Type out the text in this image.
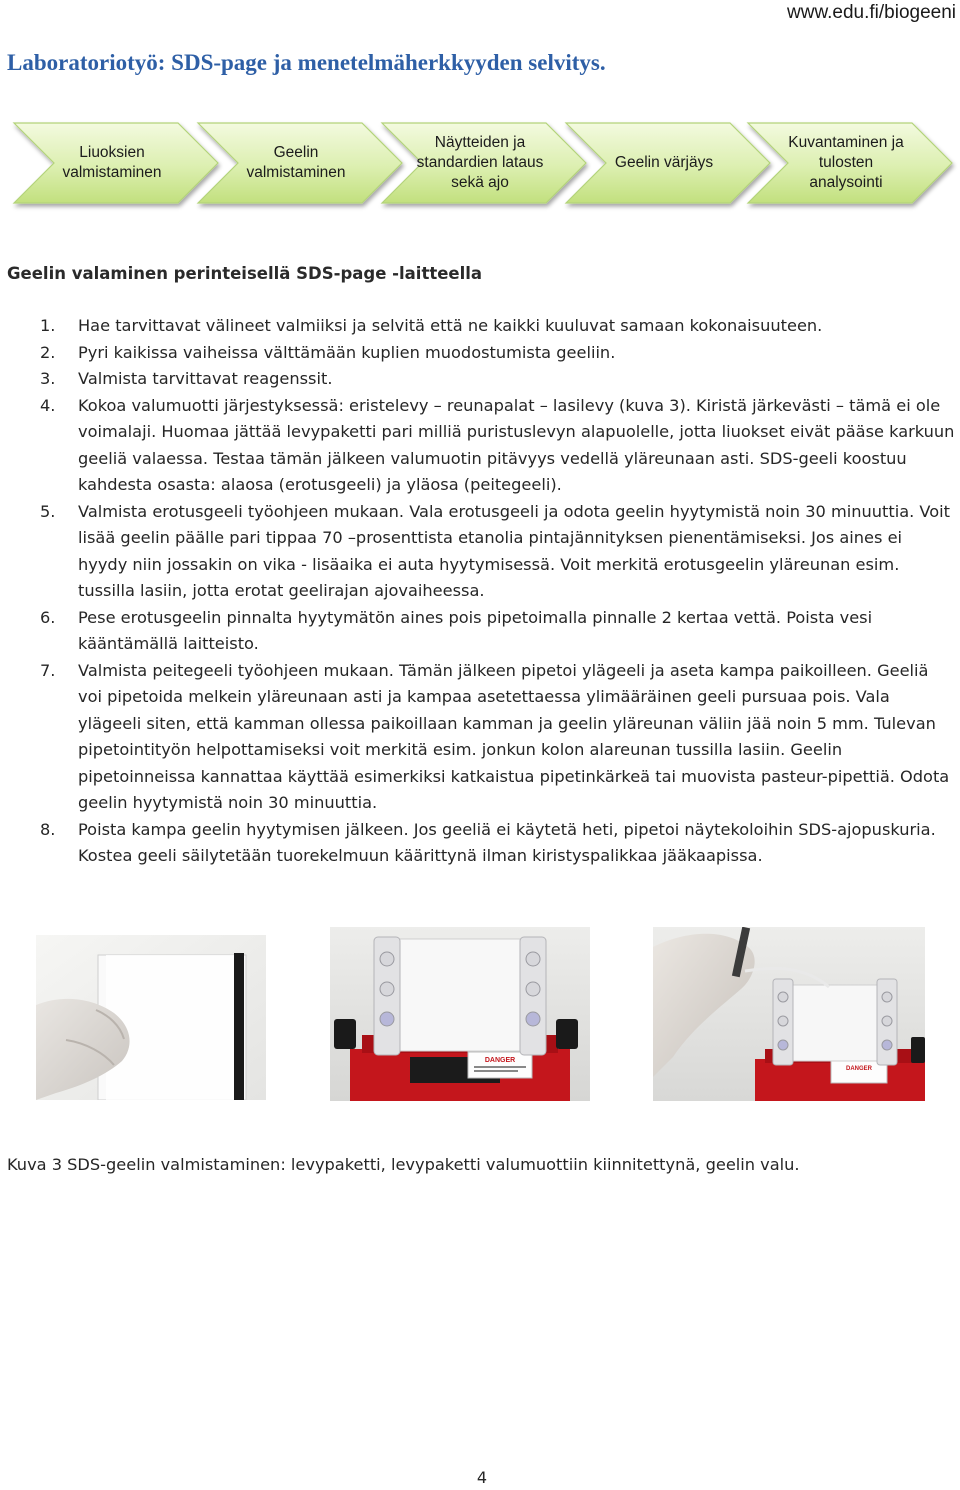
www.edu.fi/biogeeni
Laboratoriotyö: SDS-page ja menetelmäherkkyyden selvitys.
Liuoksien valmistaminen
Geelin valmistaminen
Näytteiden ja standardien lataus sekä ajo
Geelin värjäys
Kuvantaminen ja tulosten analysointi
Geelin valaminen perinteisellä SDS-page -laitteella
1. Hae tarvittavat välineet valmiiksi ja selvitä että ne kaikki kuuluvat samaan kokonaisuuteen.
2. Pyri kaikissa vaiheissa välttämään kuplien muodostumista geeliin.
3. Valmista tarvittavat reagenssit.
4. Kokoa valumuotti järjestyksessä: eristelevy – reunapalat – lasilevy (kuva 3). Kiristä järkevästi – tämä ei ole voimalaji. Huomaa jättää levypaketti pari milliä puristuslevyn alapuolelle, jotta liuokset eivät pääse karkuun geeliä valaessa. Testaa tämän jälkeen valumuotin pitävyys vedellä yläreunaan asti. SDS-geeli koostuu kahdesta osasta: alaosa (erotusgeeli) ja yläosa (peitegeeli).
5. Valmista erotusgeeli työohjeen mukaan. Vala erotusgeeli ja odota geelin hyytymistä noin 30 minuuttia. Voit lisää geelin päälle pari tippaa 70 –prosenttista etanolia pintajännityksen pienentämiseksi. Jos aines ei hyydy niin jossakin on vika - lisäaika ei auta hyytymisessä. Voit merkitä erotusgeelin yläreunan esim. tussilla lasiin, jotta erotat geelirajan ajovaiheessa.
6. Pese erotusgeelin pinnalta hyytymätön aines pois pipetoimalla pinnalle 2 kertaa vettä. Poista vesi kääntämällä laitteisto.
7. Valmista peitegeeli työohjeen mukaan. Tämän jälkeen pipetoi ylägeeli ja aseta kampa paikoilleen. Geeliä voi pipetoida melkein yläreunaan asti ja kampaa asetettaessa ylimääräinen geeli pursuaa pois. Vala ylägeeli siten, että kamman ollessa paikoillaan kamman ja geelin yläreunan väliin jää noin 5 mm. Tulevan pipetointityön helpottamiseksi voit merkitä esim. jonkun kolon alareunan tussilla lasiin. Geelin pipetoinneissa kannattaa käyttää esimerkiksi katkaistua pipetinkärkeä tai muovista pasteur-pipettiä. Odota geelin hyytymistä noin 30 minuuttia.
8. Poista kampa geelin hyytymisen jälkeen. Jos geeliä ei käytetä heti, pipetoi näytekoloihin SDS-ajopuskuria. Kostea geeli säilytetään tuorekelmuun käärittynä ilman kiristyspalikkaa jääkaapissa.
DANGER
DANGER

Kuva 3 SDS-geelin valmistaminen: levypaketti, levypaketti valumuottiin kiinnitettynä, geelin valu.

4
